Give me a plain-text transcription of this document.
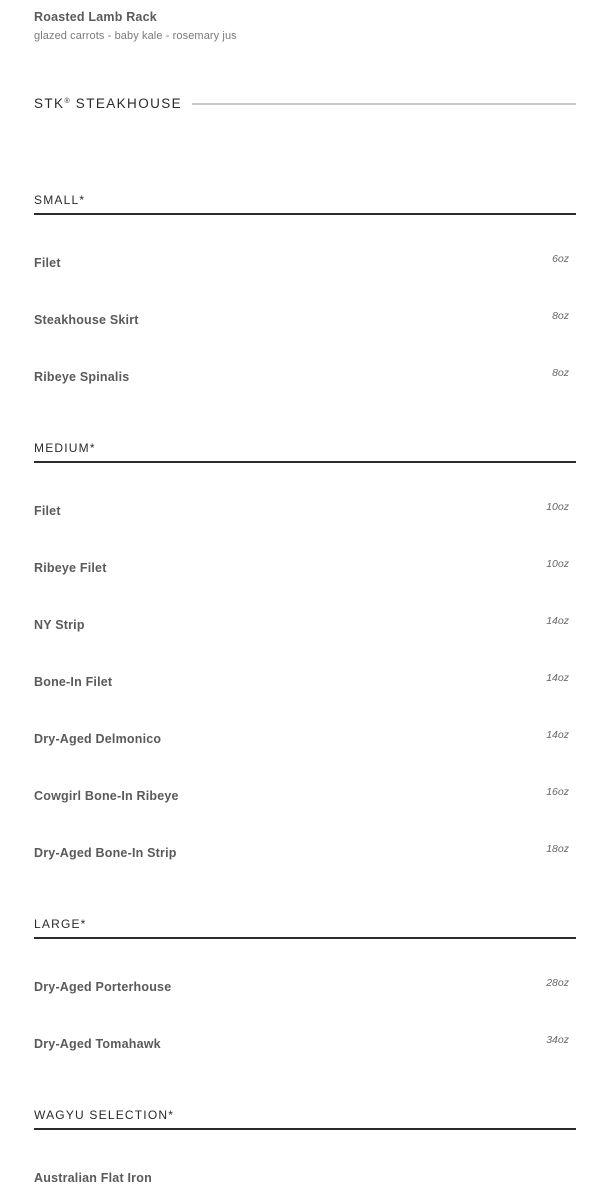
Roasted Lamb Rack
glazed carrots - baby kale - rosemary jus
STK® STEAKHOUSE
SMALL*
Filet	6oz
Steakhouse Skirt	8oz
Ribeye Spinalis	8oz
MEDIUM*
Filet	10oz
Ribeye Filet	10oz
NY Strip	14oz
Bone-In Filet	14oz
Dry-Aged Delmonico	14oz
Cowgirl Bone-In Ribeye	16oz
Dry-Aged Bone-In Strip	18oz
LARGE*
Dry-Aged Porterhouse	28oz
Dry-Aged Tomahawk	34oz
WAGYU SELECTION*
Australian Flat Iron
